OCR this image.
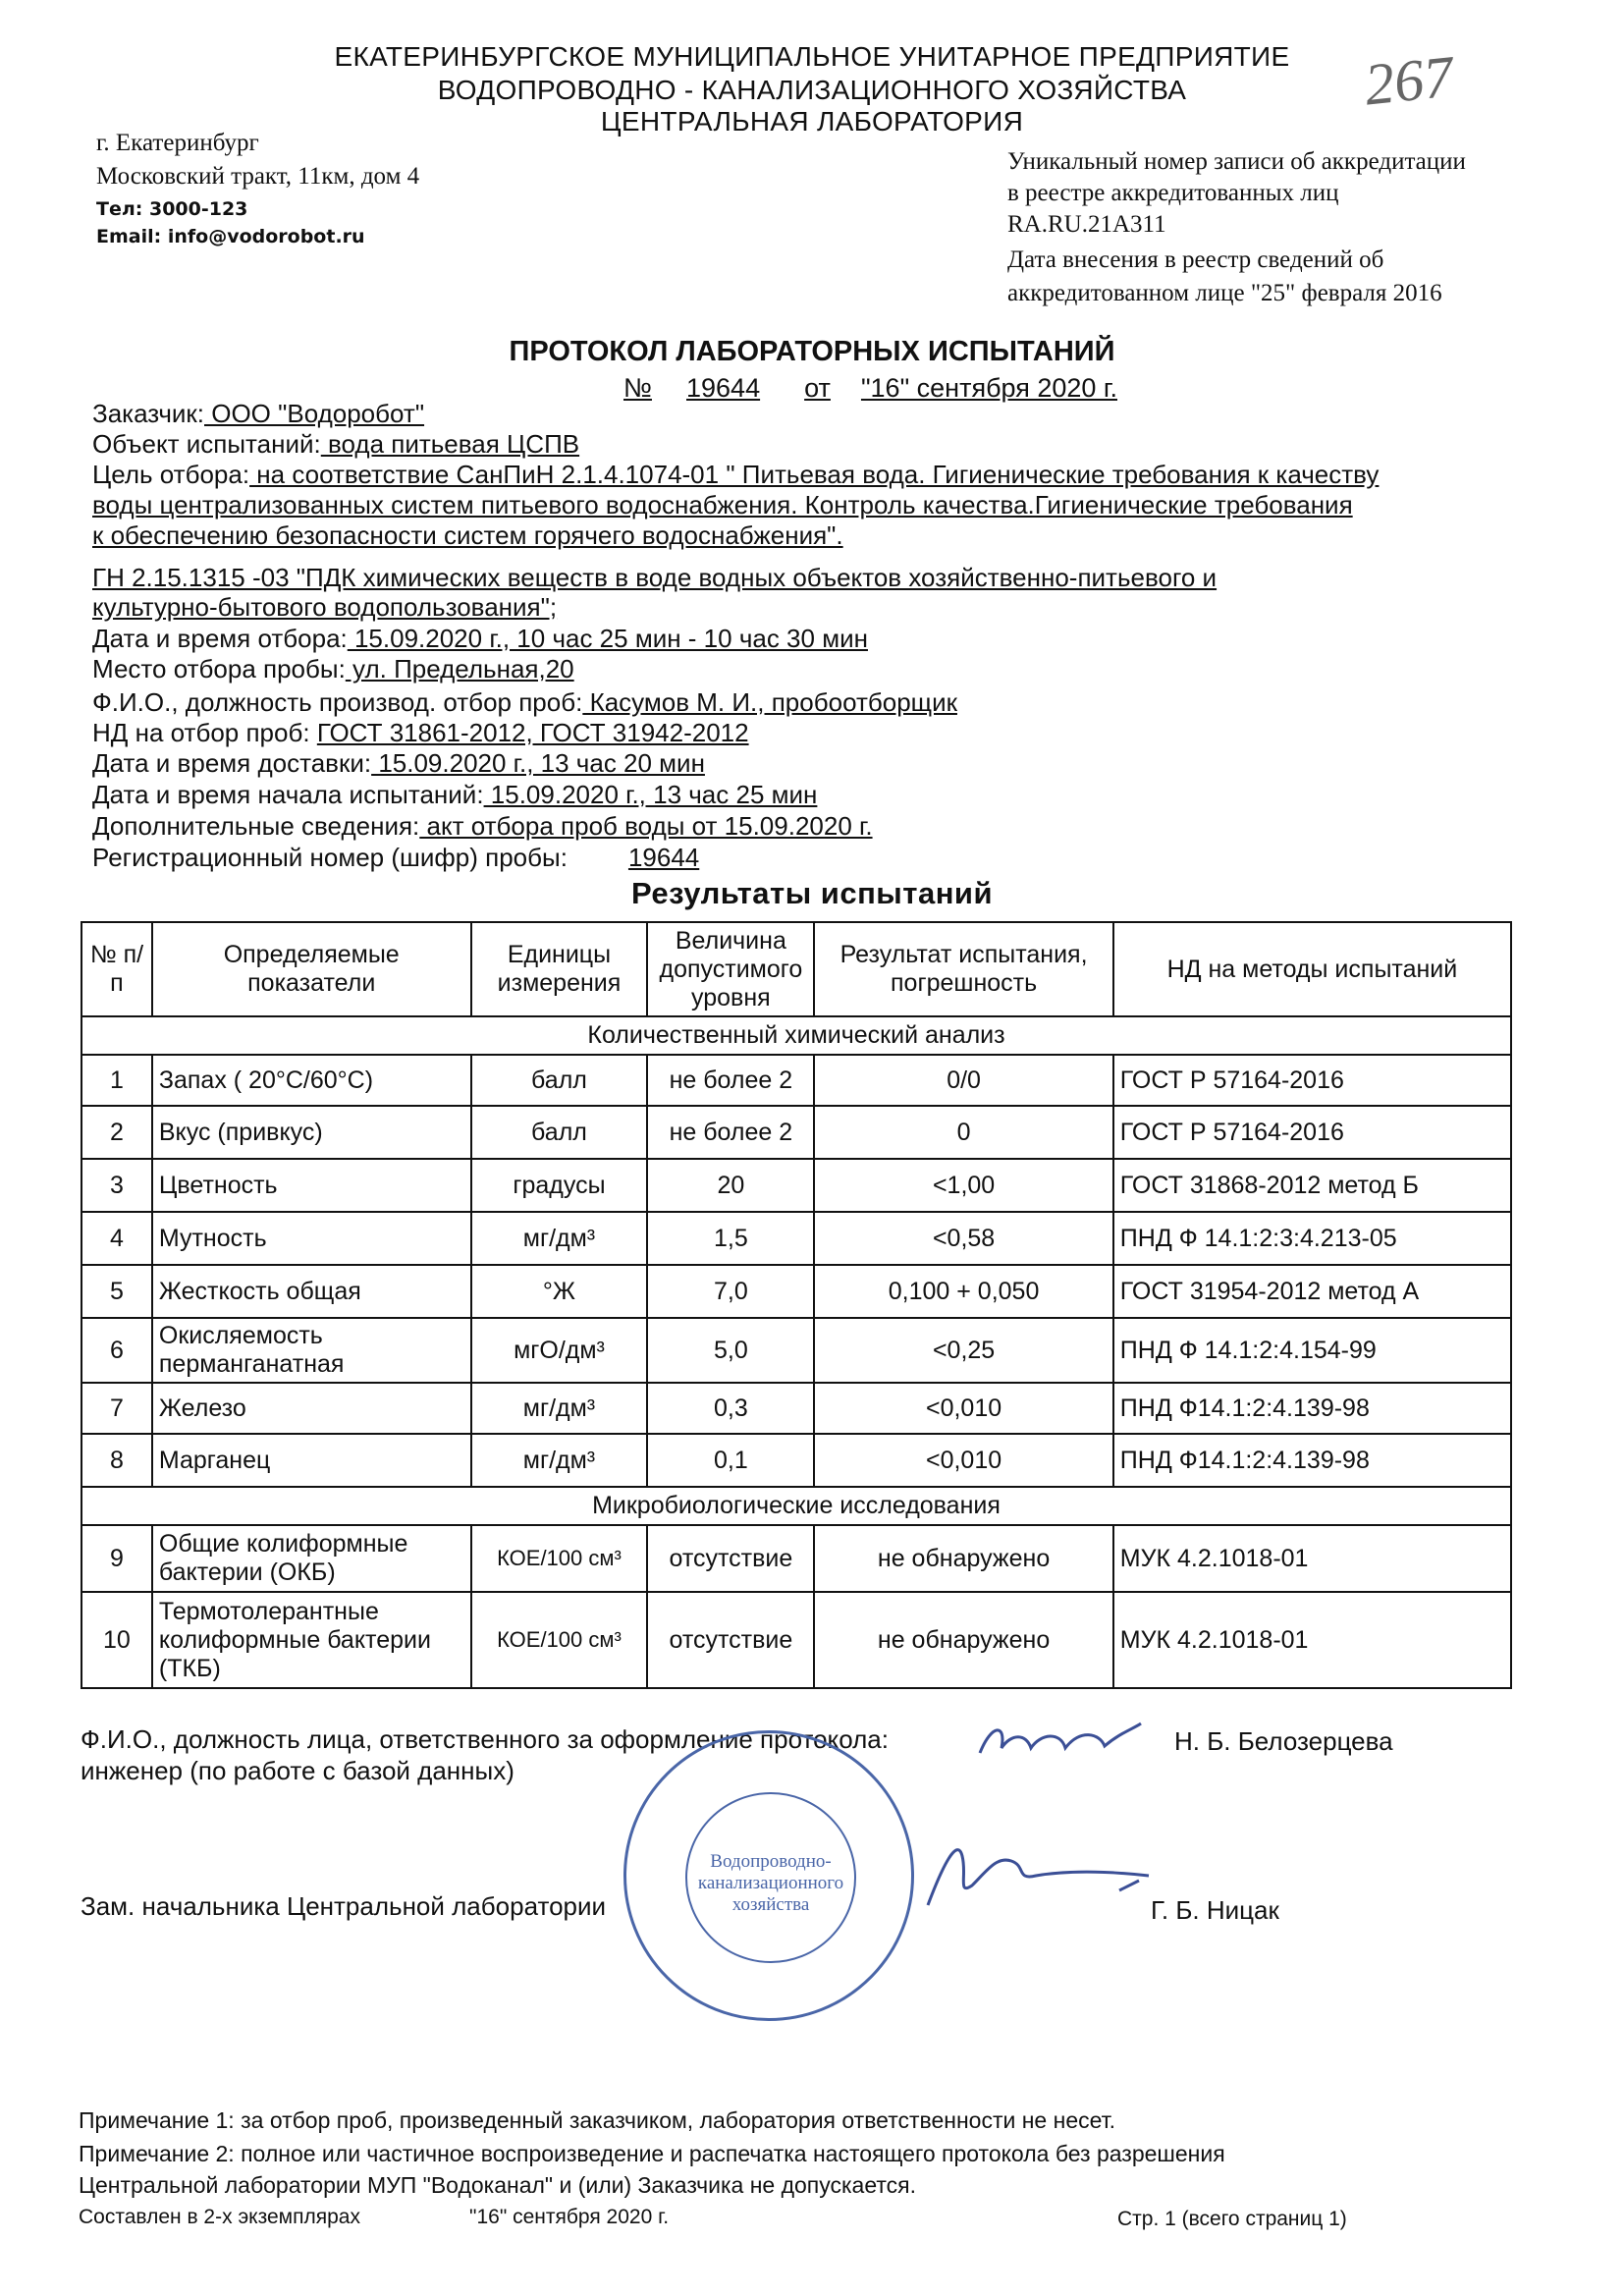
ЕКАТЕРИНБУРГСКОЕ МУНИЦИПАЛЬНОЕ УНИТАРНОЕ ПРЕДПРИЯТИЕ
ВОДОПРОВОДНО - КАНАЛИЗАЦИОННОГО ХОЗЯЙСТВА
ЦЕНТРАЛЬНАЯ ЛАБОРАТОРИЯ
267
г. Екатеринбург
Московский тракт, 11км, дом 4
Тел: 3000-123
Email: info@vodorobot.ru
Уникальный номер записи об аккредитации
в реестре аккредитованных лиц
RA.RU.21A311
Дата внесения в реестр сведений об
аккредитованном лице "25" февраля 2016
ПРОТОКОЛ ЛАБОРАТОРНЫХ ИСПЫТАНИЙ
№ 19644 от "16" сентября 2020 г.
Заказчик: ООО "Водоробот"
Объект испытаний: вода питьевая ЦСПВ
Цель отбора: на соответствие СанПиН 2.1.4.1074-01 " Питьевая вода. Гигиенические требования к качеству
воды централизованных систем питьевого водоснабжения. Контроль качества.Гигиенические требования
к обеспечению безопасности систем горячего водоснабжения".
ГН 2.15.1315 -03 "ПДК химических веществ в воде водных объектов хозяйственно-питьевого и
культурно-бытового водопользования";
Дата и время отбора: 15.09.2020 г., 10 час 25 мин - 10 час 30 мин
Место отбора пробы: ул. Предельная,20
Ф.И.О., должность производ. отбор проб: Касумов М. И., пробоотборщик
НД на отбор проб: ГОСТ 31861-2012, ГОСТ 31942-2012
Дата и время доставки: 15.09.2020 г., 13 час 20 мин
Дата и время начала испытаний: 15.09.2020 г., 13 час 25 мин
Дополнительные сведения: акт отбора проб воды от 15.09.2020 г.
Регистрационный номер (шифр) пробы: 19644
Результаты испытаний
№ п/п	Определяемые показатели	Единицы измерения	Величина допустимого уровня	Результат испытания, погрешность	НД на методы испытаний
Количественный химический анализ					
1	Запах ( 20°С/60°С)	балл	не более 2	0/0	ГОСТ Р 57164-2016
2	Вкус (привкус)	балл	не более 2	0	ГОСТ Р 57164-2016
3	Цветность	градусы	20	<1,00	ГОСТ 31868-2012 метод Б
4	Мутность	мг/дм³	1,5	<0,58	ПНД Ф 14.1:2:3:4.213-05
5	Жесткость общая	°Ж	7,0	0,100 + 0,050	ГОСТ 31954-2012 метод А
6	Окисляемость перманганатная	мгО/дм³	5,0	<0,25	ПНД Ф 14.1:2:4.154-99
7	Железо	мг/дм³	0,3	<0,010	ПНД Ф14.1:2:4.139-98
8	Марганец	мг/дм³	0,1	<0,010	ПНД Ф14.1:2:4.139-98
Микробиологические исследования					
9	Общие колиформные бактерии (ОКБ)	КОЕ/100 см³	отсутствие	не обнаружено	МУК 4.2.1018-01
10	Термотолерантные колиформные бактерии (ТКБ)	КОЕ/100 см³	отсутствие	не обнаружено	МУК 4.2.1018-01
Ф.И.О., должность лица, ответственного за оформление протокола:
инженер (по работе с базой данных)
Н. Б. Белозерцева
Зам. начальника Центральной лаборатории
Водопроводно-канализационного хозяйства	Г. Б. Ницак
Примечание 1: за отбор проб, произведенный заказчиком, лаборатория ответственности не несет.
Примечание 2: полное или частичное воспроизведение и распечатка настоящего протокола без разрешения
Центральной лаборатории МУП "Водоканал" и (или) Заказчика не допускается.
Составлен в 2-х экземплярах	"16" сентября 2020 г.	Стр. 1 (всего страниц 1)
